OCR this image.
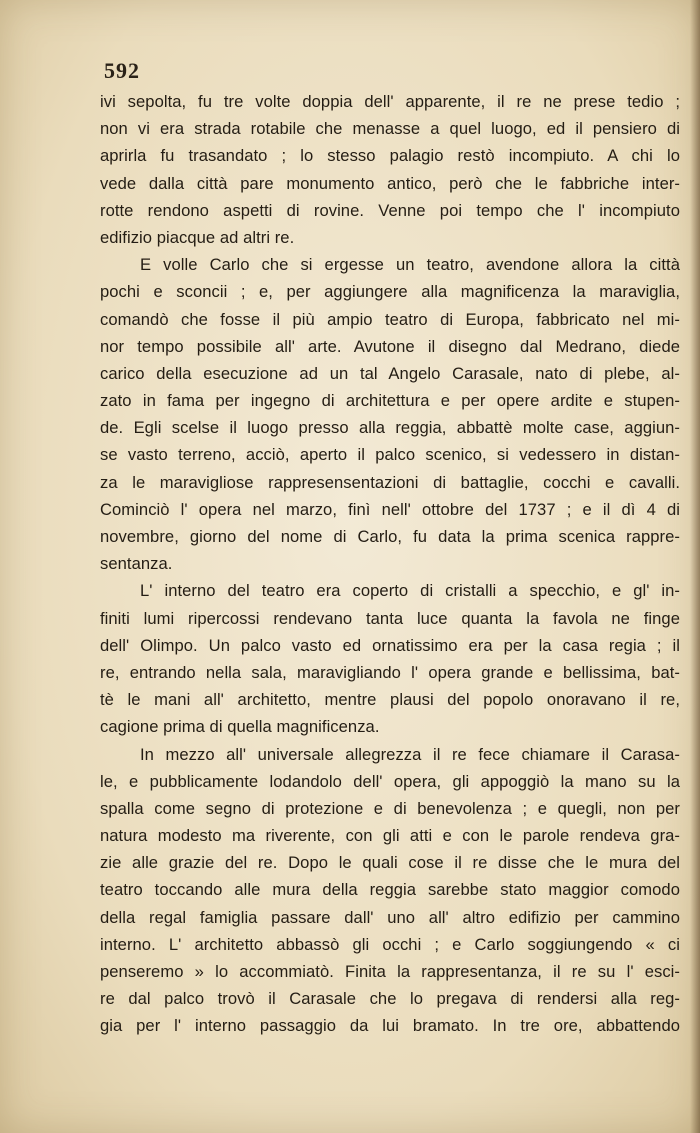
592
ivi sepolta, fu tre volte doppia dell' apparente, il re ne prese tedio ;
non vi era strada rotabile che menasse a quel luogo, ed il pensiero di
aprirla fu trasandato ; lo stesso palagio restò incompiuto. A chi lo
vede dalla città pare monumento antico, però che le fabbriche inter-
rotte rendono aspetti di rovine. Venne poi tempo che l' incompiuto
edifizio piacque ad altri re.
E volle Carlo che si ergesse un teatro, avendone allora la città
pochi e sconcii ; e, per aggiungere alla magnificenza la maraviglia,
comandò che fosse il più ampio teatro di Europa, fabbricato nel mi-
nor tempo possibile all' arte. Avutone il disegno dal Medrano, diede
carico della esecuzione ad un tal Angelo Carasale, nato di plebe, al-
zato in fama per ingegno di architettura e per opere ardite e stupen-
de. Egli scelse il luogo presso alla reggia, abbattè molte case, aggiun-
se vasto terreno, acciò, aperto il palco scenico, si vedessero in distan-
za le maravigliose rappresensentazioni di battaglie, cocchi e cavalli.
Cominciò l' opera nel marzo, finì nell' ottobre del 1737 ; e il dì 4 di
novembre, giorno del nome di Carlo, fu data la prima scenica rappre-
sentanza.
L' interno del teatro era coperto di cristalli a specchio, e gl' in-
finiti lumi ripercossi rendevano tanta luce quanta la favola ne finge
dell' Olimpo. Un palco vasto ed ornatissimo era per la casa regia ; il
re, entrando nella sala, maravigliando l' opera grande e bellissima, bat-
tè le mani all' architetto, mentre plausi del popolo onoravano il re,
cagione prima di quella magnificenza.
In mezzo all' universale allegrezza il re fece chiamare il Carasa-
le, e pubblicamente lodandolo dell' opera, gli appoggiò la mano su la
spalla come segno di protezione e di benevolenza ; e quegli, non per
natura modesto ma riverente, con gli atti e con le parole rendeva gra-
zie alle grazie del re. Dopo le quali cose il re disse che le mura del
teatro toccando alle mura della reggia sarebbe stato maggior comodo
della regal famiglia passare dall' uno all' altro edifizio per cammino
interno. L' architetto abbassò gli occhi ; e Carlo soggiungendo « ci
penseremo » lo accommiatò. Finita la rappresentanza, il re su l' esci-
re dal palco trovò il Carasale che lo pregava di rendersi alla reg-
gia per l' interno passaggio da lui bramato. In tre ore, abbattendo
